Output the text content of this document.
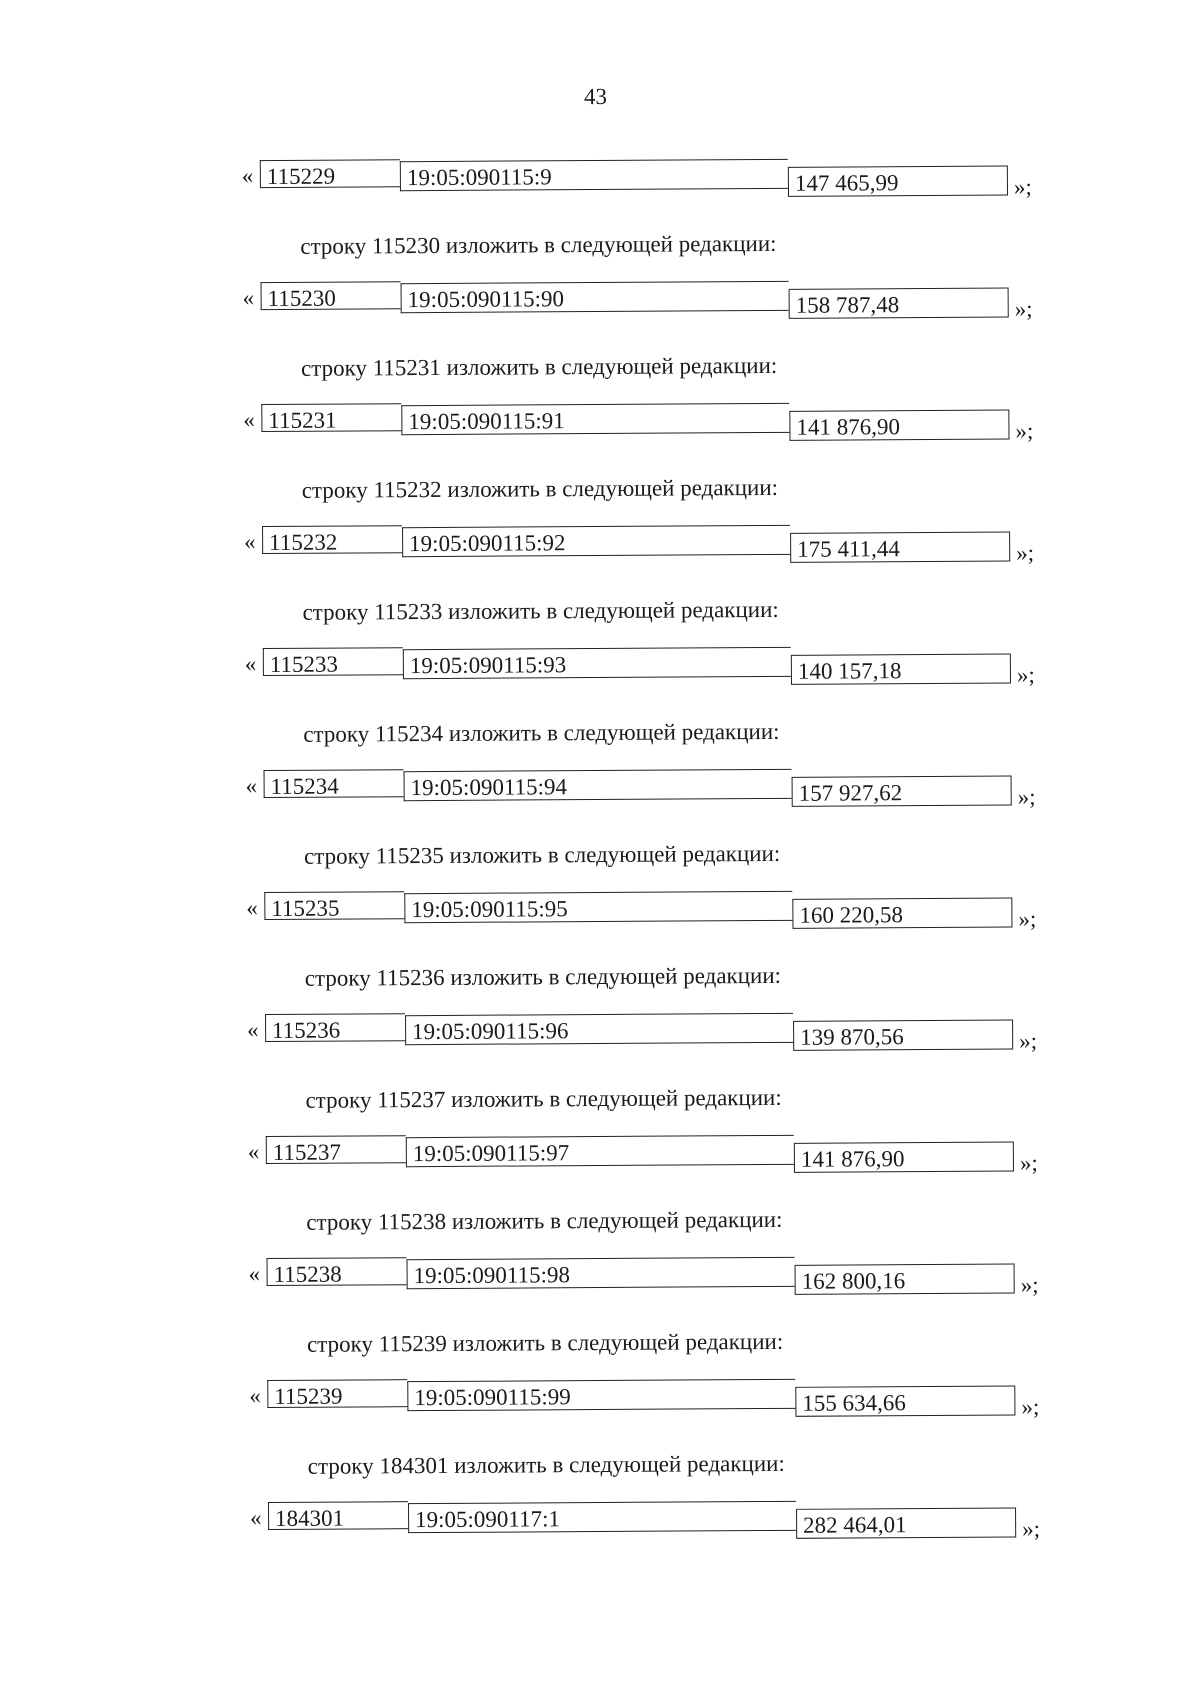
43
« 115229	19:05:090115:9	147 465,99	»;
строку 115230 изложить в следующей редакции:
« 115230	19:05:090115:90	158 787,48	»;
строку 115231 изложить в следующей редакции:
« 115231	19:05:090115:91	141 876,90	»;
строку 115232 изложить в следующей редакции:
« 115232	19:05:090115:92	175 411,44	»;
строку 115233 изложить в следующей редакции:
« 115233	19:05:090115:93	140 157,18	»;
строку 115234 изложить в следующей редакции:
« 115234	19:05:090115:94	157 927,62	»;
строку 115235 изложить в следующей редакции:
« 115235	19:05:090115:95	160 220,58	»;
строку 115236 изложить в следующей редакции:
« 115236	19:05:090115:96	139 870,56	»;
строку 115237 изложить в следующей редакции:
« 115237	19:05:090115:97	141 876,90	»;
строку 115238 изложить в следующей редакции:
« 115238	19:05:090115:98	162 800,16	»;
строку 115239 изложить в следующей редакции:
« 115239	19:05:090115:99	155 634,66	»;
строку 184301 изложить в следующей редакции:
« 184301	19:05:090117:1	282 464,01	»;
